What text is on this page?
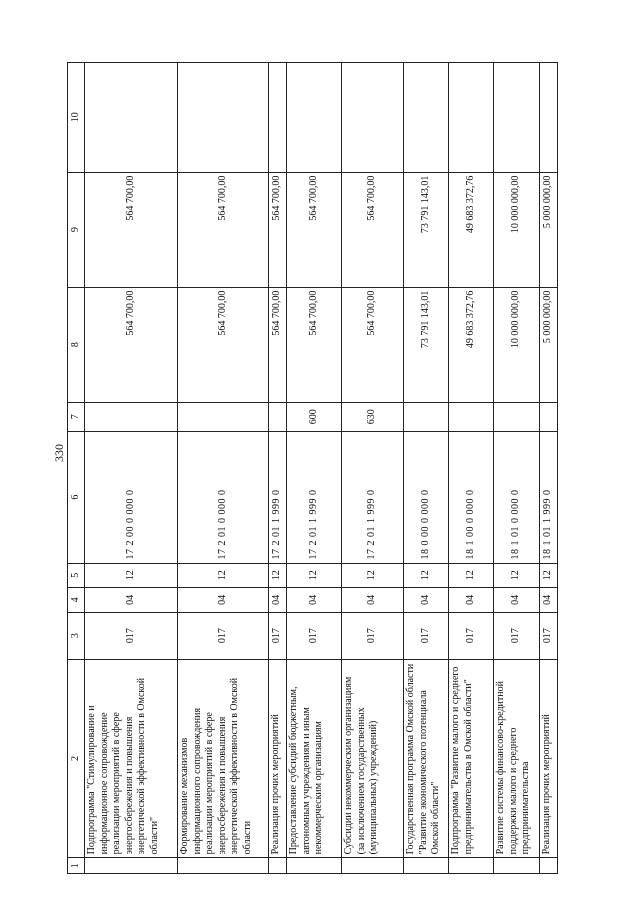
330
1	2	3	4	5	6	7	8	9	10
	Подпрограмма "Стимулирование и информационное сопровождение реализации мероприятий в сфере энергосбережения и повышения энергетической эффективности в Омской области"	017	04	12	17 2 00 0 000 0		564 700,00	564 700,00	
	Формирование механизмов информационного сопровождения реализации мероприятий в сфере энергосбережения и повышения энергетической эффективности в Омской области	017	04	12	17 2 01 0 000 0		564 700,00	564 700,00	
	Реализация прочих мероприятий	017	04	12	17 2 01 1 999 0		564 700,00	564 700,00	
	Предоставление субсидий бюджетным, автономным учреждениям и иным некоммерческим организациям	017	04	12	17 2 01 1 999 0	600	564 700,00	564 700,00	
	Субсидии некоммерческим организациям (за исключением государственных (муниципальных) учреждений)	017	04	12	17 2 01 1 999 0	630	564 700,00	564 700,00	
	Государственная программа Омской области "Развитие экономического потенциала Омской области"	017	04	12	18 0 00 0 000 0		73 791 143,01	73 791 143,01	
	Подпрограмма "Развитие малого и среднего предпринимательства в Омской области"	017	04	12	18 1 00 0 000 0		49 683 372,76	49 683 372,76	
	Развитие системы финансово-кредитной поддержки малого и среднего предпринимательства	017	04	12	18 1 01 0 000 0		10 000 000,00	10 000 000,00	
	Реализация прочих мероприятий	017	04	12	18 1 01 1 999 0		5 000 000,00	5 000 000,00	
